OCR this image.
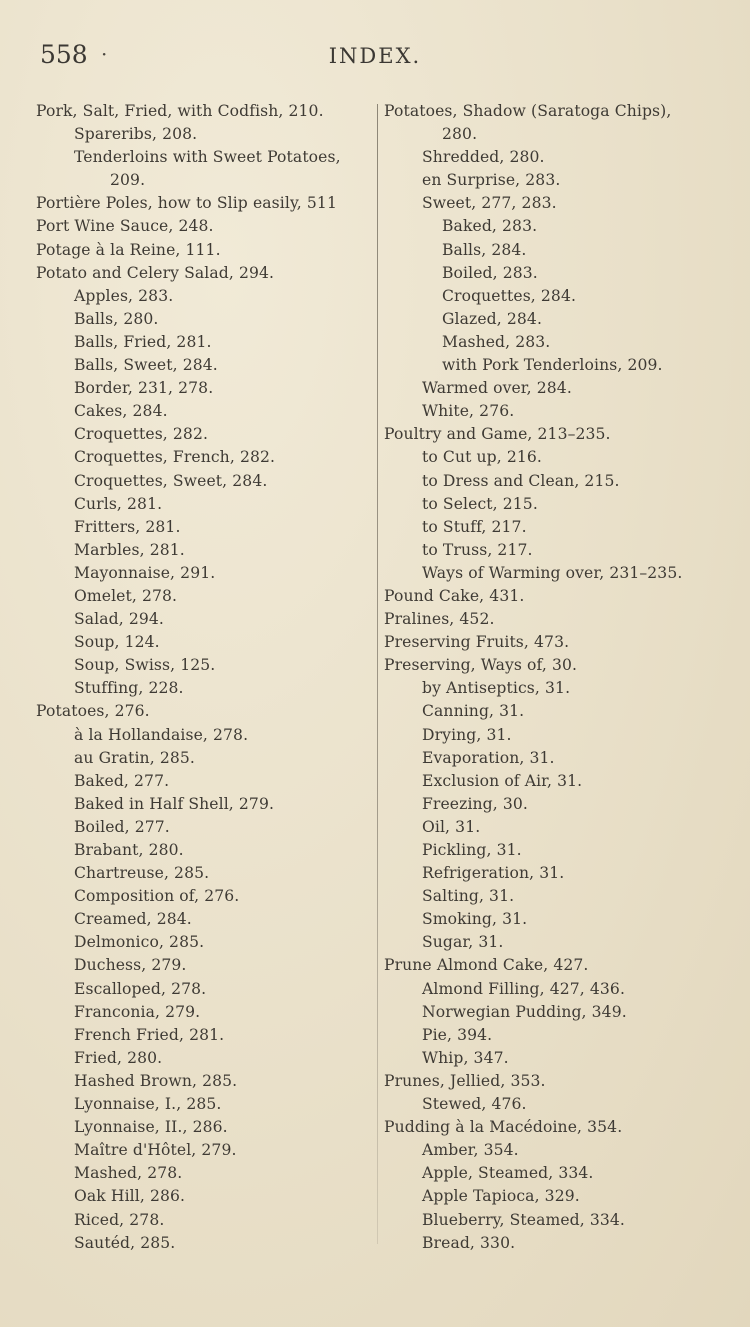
558 ·	INDEX.
Pork, Salt, Fried, with Codfish, 210.
Spareribs, 208.
Tenderloins with Sweet Potatoes,
209.
Portière Poles, how to Slip easily, 511
Port Wine Sauce, 248.
Potage à la Reine, 111.
Potato and Celery Salad, 294.
Apples, 283.
Balls, 280.
Balls, Fried, 281.
Balls, Sweet, 284.
Border, 231, 278.
Cakes, 284.
Croquettes, 282.
Croquettes, French, 282.
Croquettes, Sweet, 284.
Curls, 281.
Fritters, 281.
Marbles, 281.
Mayonnaise, 291.
Omelet, 278.
Salad, 294.
Soup, 124.
Soup, Swiss, 125.
Stuffing, 228.
Potatoes, 276.
à la Hollandaise, 278.
au Gratin, 285.
Baked, 277.
Baked in Half Shell, 279.
Boiled, 277.
Brabant, 280.
Chartreuse, 285.
Composition of, 276.
Creamed, 284.
Delmonico, 285.
Duchess, 279.
Escalloped, 278.
Franconia, 279.
French Fried, 281.
Fried, 280.
Hashed Brown, 285.
Lyonnaise, I., 285.
Lyonnaise, II., 286.
Maître d'Hôtel, 279.
Mashed, 278.
Oak Hill, 286.
Riced, 278.
Sautéd, 285.
Potatoes, Shadow (Saratoga Chips),
280.
Shredded, 280.
en Surprise, 283.
Sweet, 277, 283.
Baked, 283.
Balls, 284.
Boiled, 283.
Croquettes, 284.
Glazed, 284.
Mashed, 283.
with Pork Tenderloins, 209.
Warmed over, 284.
White, 276.
Poultry and Game, 213–235.
to Cut up, 216.
to Dress and Clean, 215.
to Select, 215.
to Stuff, 217.
to Truss, 217.
Ways of Warming over, 231–235.
Pound Cake, 431.
Pralines, 452.
Preserving Fruits, 473.
Preserving, Ways of, 30.
by Antiseptics, 31.
Canning, 31.
Drying, 31.
Evaporation, 31.
Exclusion of Air, 31.
Freezing, 30.
Oil, 31.
Pickling, 31.
Refrigeration, 31.
Salting, 31.
Smoking, 31.
Sugar, 31.
Prune Almond Cake, 427.
Almond Filling, 427, 436.
Norwegian Pudding, 349.
Pie, 394.
Whip, 347.
Prunes, Jellied, 353.
Stewed, 476.
Pudding à la Macédoine, 354.
Amber, 354.
Apple, Steamed, 334.
Apple Tapioca, 329.
Blueberry, Steamed, 334.
Bread, 330.
